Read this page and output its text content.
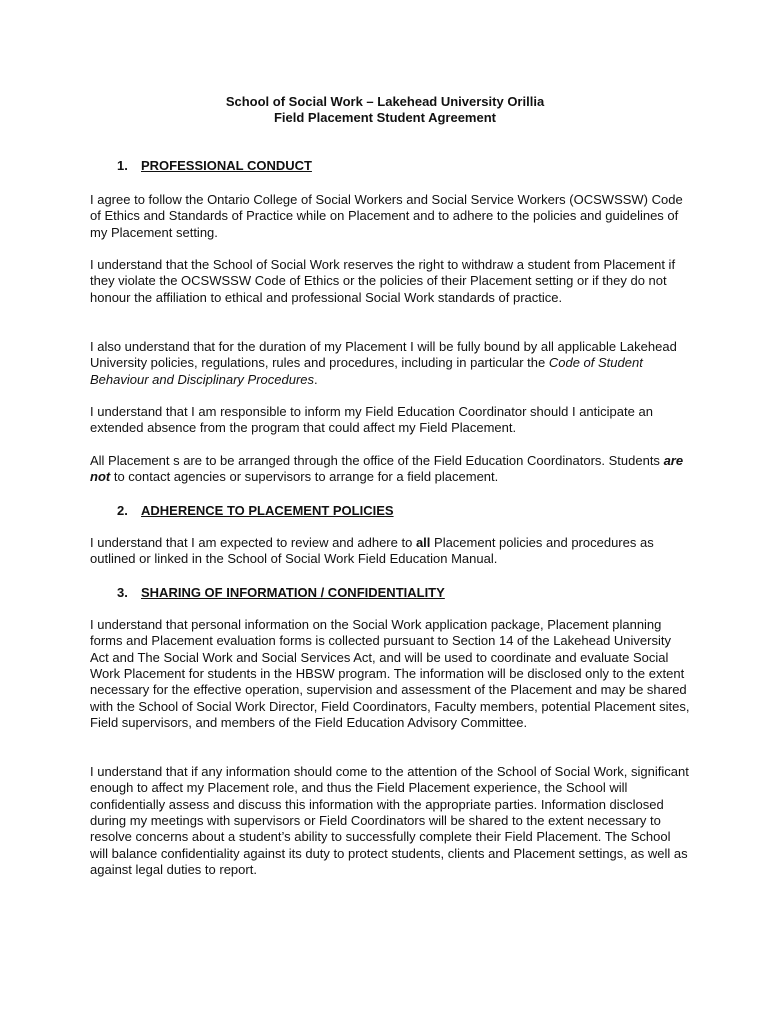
School of Social Work – Lakehead University Orillia
Field Placement Student Agreement
1. PROFESSIONAL CONDUCT

I agree to follow the Ontario College of Social Workers and Social Service Workers (OCSWSSW) Code of Ethics and Standards of Practice while on Placement and to adhere to the policies and guidelines of my Placement setting.

I understand that the School of Social Work reserves the right to withdraw a student from Placement if they violate the OCSWSSW Code of Ethics or the policies of their Placement setting or if they do not honour the affiliation to ethical and professional Social Work standards of practice.

I also understand that for the duration of my Placement I will be fully bound by all applicable Lakehead University policies, regulations, rules and procedures, including in particular the Code of Student Behaviour and Disciplinary Procedures.

I understand that I am responsible to inform my Field Education Coordinator should I anticipate an extended absence from the program that could affect my Field Placement.

All Placement s are to be arranged through the office of the Field Education Coordinators. Students are not to contact agencies or supervisors to arrange for a field placement.

2. ADHERENCE TO PLACEMENT POLICIES

I understand that I am expected to review and adhere to all Placement policies and procedures as outlined or linked in the School of Social Work Field Education Manual.

3. SHARING OF INFORMATION / CONFIDENTIALITY

I understand that personal information on the Social Work application package, Placement planning forms and Placement evaluation forms is collected pursuant to Section 14 of the Lakehead University Act and The Social Work and Social Services Act, and will be used to coordinate and evaluate Social Work Placement for students in the HBSW program. The information will be disclosed only to the extent necessary for the effective operation, supervision and assessment of the Placement and may be shared with the School of Social Work Director, Field Coordinators, Faculty members, potential Placement sites, Field supervisors, and members of the Field Education Advisory Committee.

I understand that if any information should come to the attention of the School of Social Work, significant enough to affect my Placement role, and thus the Field Placement experience, the School will confidentially assess and discuss this information with the appropriate parties. Information disclosed during my meetings with supervisors or Field Coordinators will be shared to the extent necessary to resolve concerns about a student’s ability to successfully complete their Field Placement. The School will balance confidentiality against its duty to protect students, clients and Placement settings, as well as against legal duties to report.
